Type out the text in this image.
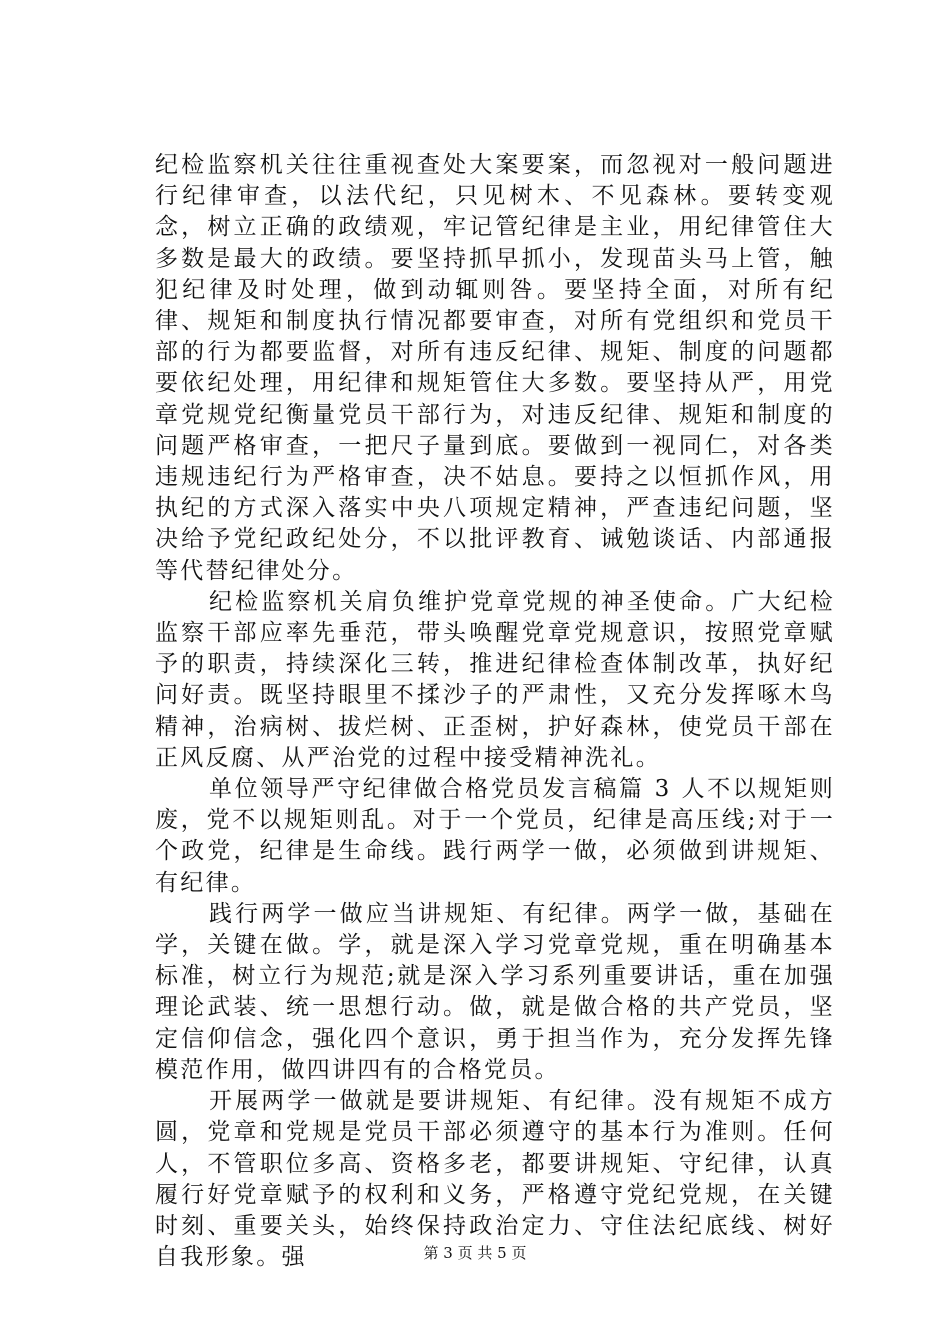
纪检监察机关往往重视查处大案要案，而忽视对一般问题进行纪律审查，以法代纪，只见树木、不见森林。要转变观念，树立正确的政绩观，牢记管纪律是主业，用纪律管住大多数是最大的政绩。要坚持抓早抓小，发现苗头马上管，触犯纪律及时处理，做到动辄则咎。要坚持全面，对所有纪律、规矩和制度执行情况都要审查，对所有党组织和党员干部的行为都要监督，对所有违反纪律、规矩、制度的问题都要依纪处理，用纪律和规矩管住大多数。要坚持从严，用党章党规党纪衡量党员干部行为，对违反纪律、规矩和制度的问题严格审查，一把尺子量到底。要做到一视同仁，对各类违规违纪行为严格审查，决不姑息。要持之以恒抓作风，用执纪的方式深入落实中央八项规定精神，严查违纪问题，坚决给予党纪政纪处分，不以批评教育、诫勉谈话、内部通报等代替纪律处分。

纪检监察机关肩负维护党章党规的神圣使命。广大纪检监察干部应率先垂范，带头唤醒党章党规意识，按照党章赋予的职责，持续深化三转，推进纪律检查体制改革，执好纪问好责。既坚持眼里不揉沙子的严肃性，又充分发挥啄木鸟精神，治病树、拔烂树、正歪树，护好森林，使党员干部在正风反腐、从严治党的过程中接受精神洗礼。

单位领导严守纪律做合格党员发言稿篇 3 人不以规矩则废，党不以规矩则乱。对于一个党员，纪律是高压线;对于一个政党，纪律是生命线。践行两学一做，必须做到讲规矩、有纪律。

践行两学一做应当讲规矩、有纪律。两学一做，基础在学，关键在做。学，就是深入学习党章党规，重在明确基本标准，树立行为规范;就是深入学习系列重要讲话，重在加强理论武装、统一思想行动。做，就是做合格的共产党员，坚定信仰信念，强化四个意识，勇于担当作为，充分发挥先锋模范作用，做四讲四有的合格党员。

开展两学一做就是要讲规矩、有纪律。没有规矩不成方圆，党章和党规是党员干部必须遵守的基本行为准则。任何人，不管职位多高、资格多老，都要讲规矩、守纪律，认真履行好党章赋予的权利和义务，严格遵守党纪党规，在关键时刻、重要关头，始终保持政治定力、守住法纪底线、树好自我形象。强	第 3 页 共 5 页
